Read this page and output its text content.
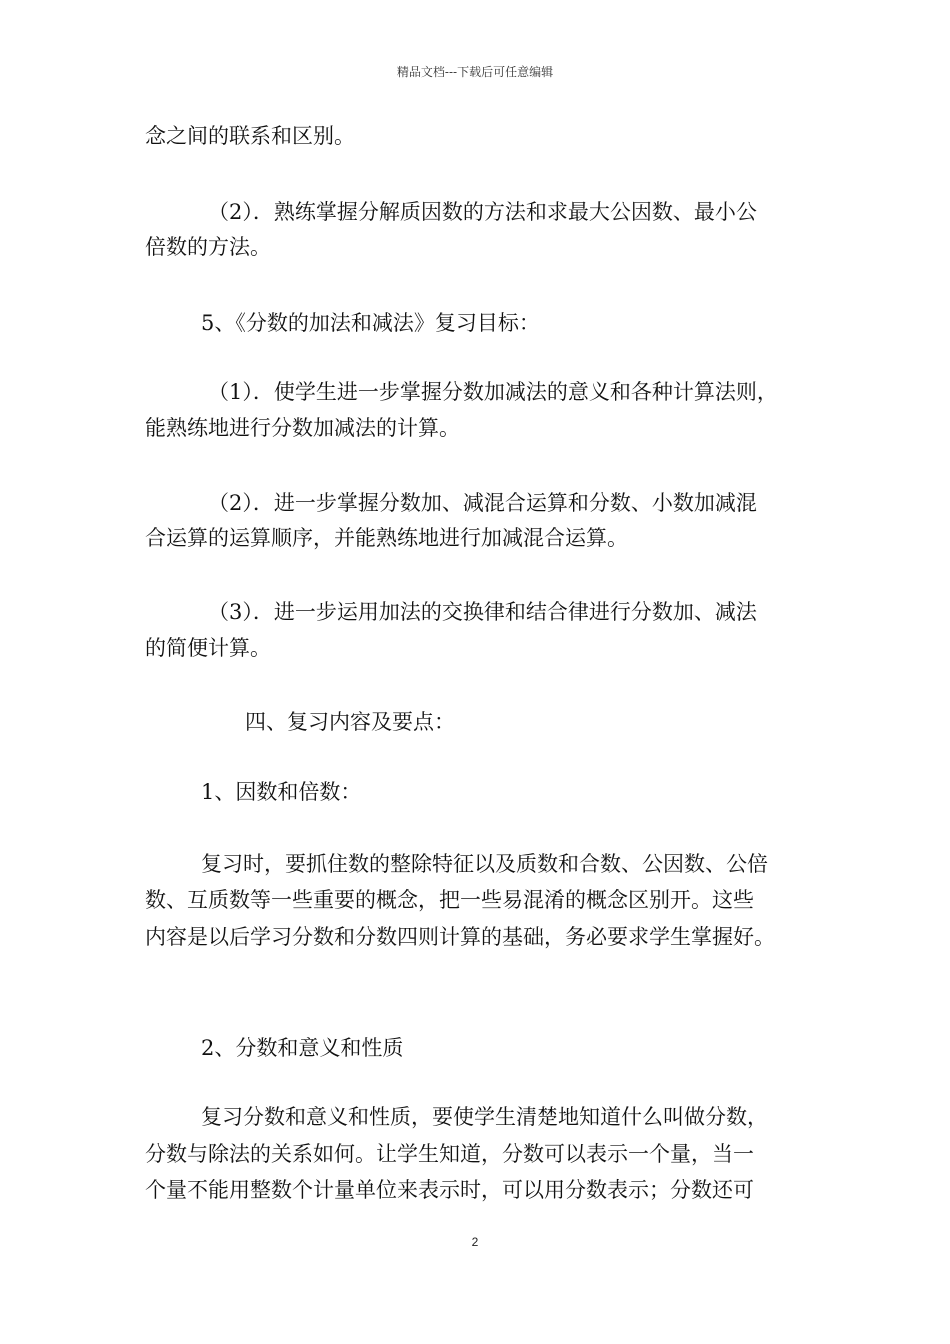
精品文档---下载后可任意编辑
念之间的联系和区别。
（2）．熟练掌握分解质因数的方法和求最大公因数、最小公
倍数的方法。
5、《分数的加法和减法》复习目标：
（1）．使学生进一步掌握分数加减法的意义和各种计算法则，
能熟练地进行分数加减法的计算。
（2）．进一步掌握分数加、减混合运算和分数、小数加减混
合运算的运算顺序，并能熟练地进行加减混合运算。
（3）．进一步运用加法的交换律和结合律进行分数加、减法
的简便计算。
四、复习内容及要点：
1、因数和倍数：
复习时，要抓住数的整除特征以及质数和合数、公因数、公倍
数、互质数等一些重要的概念，把一些易混淆的概念区别开。这些
内容是以后学习分数和分数四则计算的基础，务必要求学生掌握好。
2、分数和意义和性质
复习分数和意义和性质，要使学生清楚地知道什么叫做分数，
分数与除法的关系如何。让学生知道，分数可以表示一个量，当一
个量不能用整数个计量单位来表示时，可以用分数表示；分数还可
2
